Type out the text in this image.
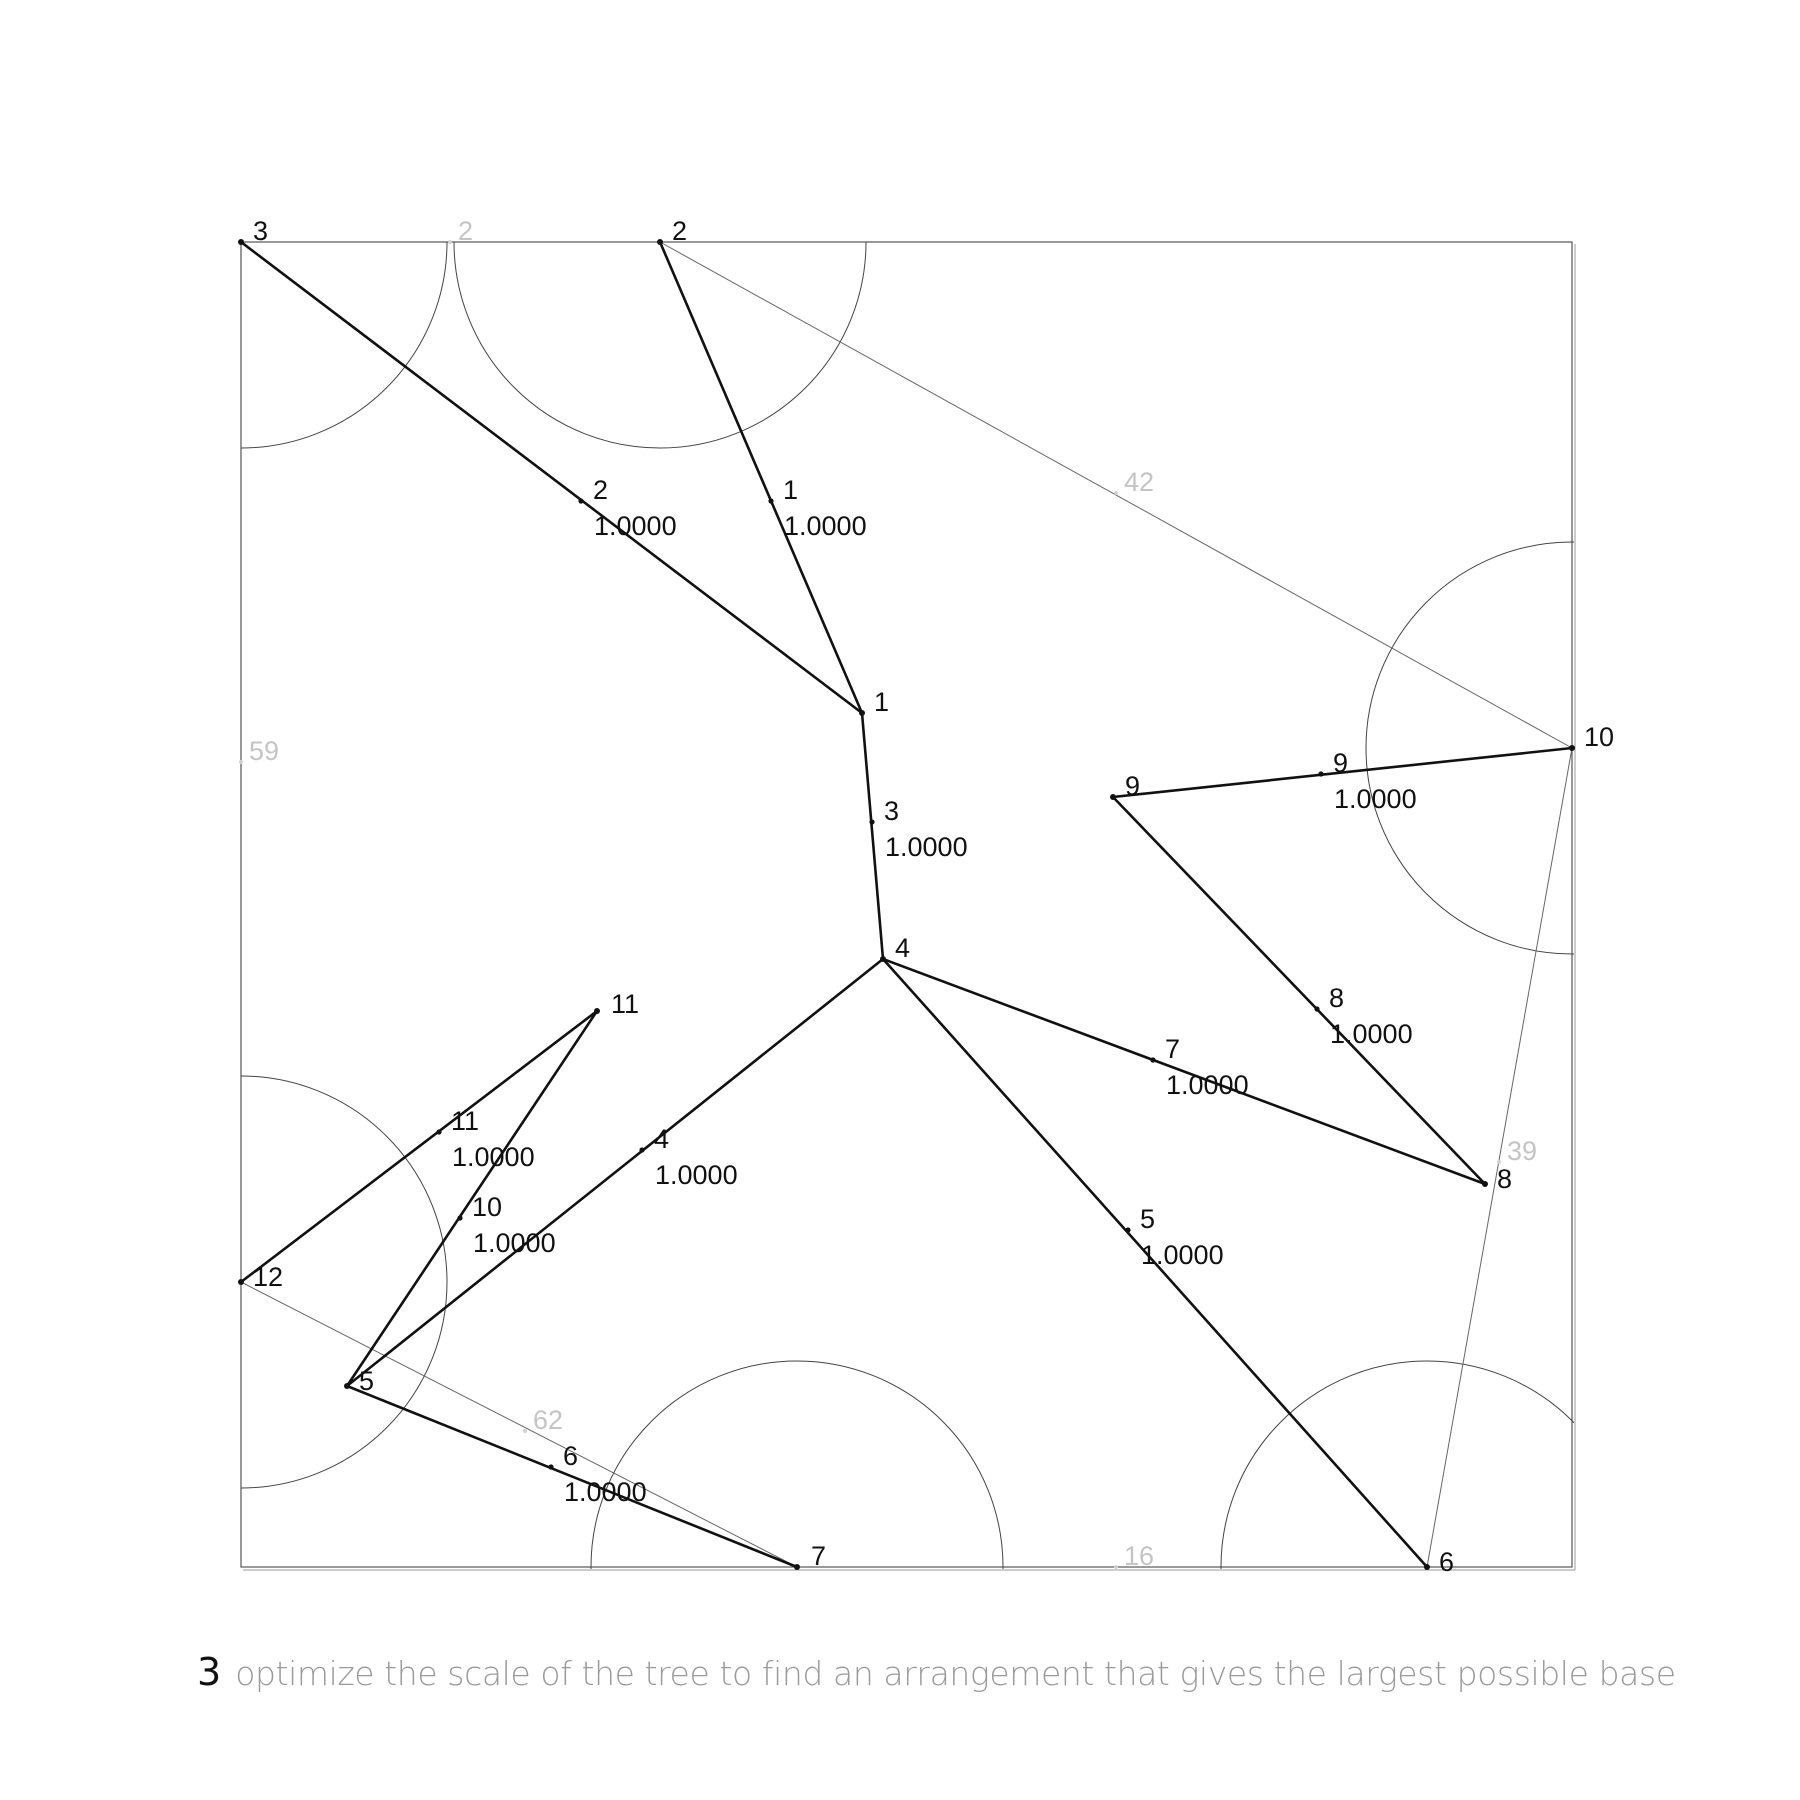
1
2
3
4
5
6
7
8
9
10
11
12
1
1.0000
2
1.0000
3
1.0000
4
1.0000
5
1.0000
6
1.0000
7
1.0000
8
1.0000
9
1.0000
10
1.0000
11
1.0000
2
42
59
39
62
16
3 optimize the scale of the tree to find an arrangement that gives the largest possible base
